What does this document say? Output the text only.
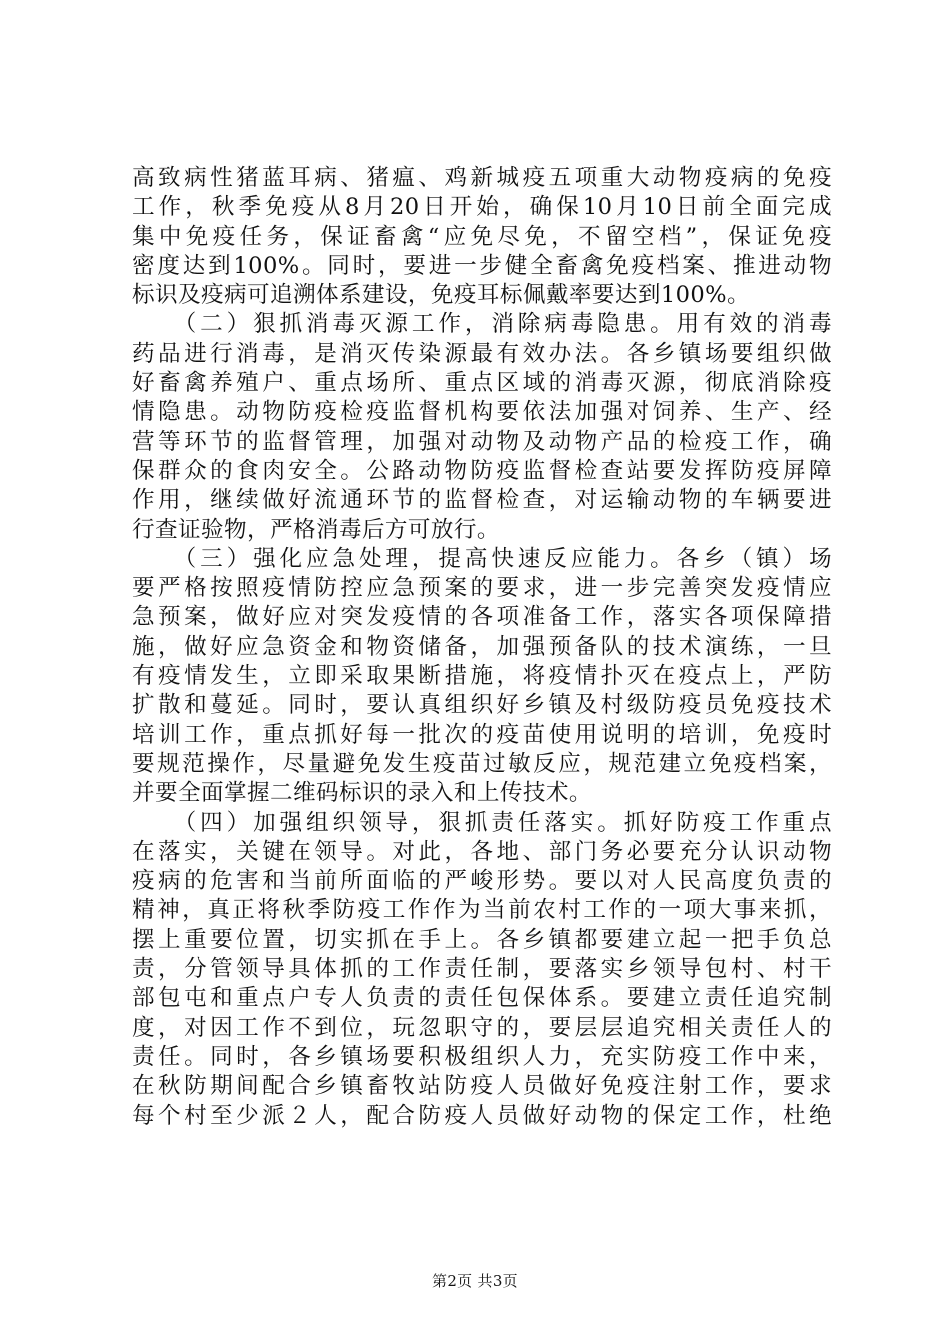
高致病性猪蓝耳病、猪瘟、鸡新城疫五项重大动物疫病的免疫
工作，秋季免疫从8月20日开始，确保10月10日前全面完成
集中免疫任务，保证畜禽“应免尽免，不留空档”，保证免疫
密度达到100%。同时，要进一步健全畜禽免疫档案、推进动物
标识及疫病可追溯体系建设，免疫耳标佩戴率要达到100%。
　　（二）狠抓消毒灭源工作，消除病毒隐患。用有效的消毒
药品进行消毒，是消灭传染源最有效办法。各乡镇场要组织做
好畜禽养殖户、重点场所、重点区域的消毒灭源，彻底消除疫
情隐患。动物防疫检疫监督机构要依法加强对饲养、生产、经
营等环节的监督管理，加强对动物及动物产品的检疫工作，确
保群众的食肉安全。公路动物防疫监督检查站要发挥防疫屏障
作用，继续做好流通环节的监督检查，对运输动物的车辆要进
行查证验物，严格消毒后方可放行。
　　（三）强化应急处理，提高快速反应能力。各乡（镇）场
要严格按照疫情防控应急预案的要求，进一步完善突发疫情应
急预案，做好应对突发疫情的各项准备工作，落实各项保障措
施，做好应急资金和物资储备，加强预备队的技术演练，一旦
有疫情发生，立即采取果断措施，将疫情扑灭在疫点上，严防
扩散和蔓延。同时，要认真组织好乡镇及村级防疫员免疫技术
培训工作，重点抓好每一批次的疫苗使用说明的培训，免疫时
要规范操作，尽量避免发生疫苗过敏反应，规范建立免疫档案，
并要全面掌握二维码标识的录入和上传技术。
　　（四）加强组织领导，狠抓责任落实。抓好防疫工作重点
在落实，关键在领导。对此，各地、部门务必要充分认识动物
疫病的危害和当前所面临的严峻形势。要以对人民高度负责的
精神，真正将秋季防疫工作作为当前农村工作的一项大事来抓，
摆上重要位置，切实抓在手上。各乡镇都要建立起一把手负总
责，分管领导具体抓的工作责任制，要落实乡领导包村、村干
部包屯和重点户专人负责的责任包保体系。要建立责任追究制
度，对因工作不到位，玩忽职守的，要层层追究相关责任人的
责任。同时，各乡镇场要积极组织人力，充实防疫工作中来，
在秋防期间配合乡镇畜牧站防疫人员做好免疫注射工作，要求
每个村至少派２人，配合防疫人员做好动物的保定工作，杜绝
第2页 共3页
